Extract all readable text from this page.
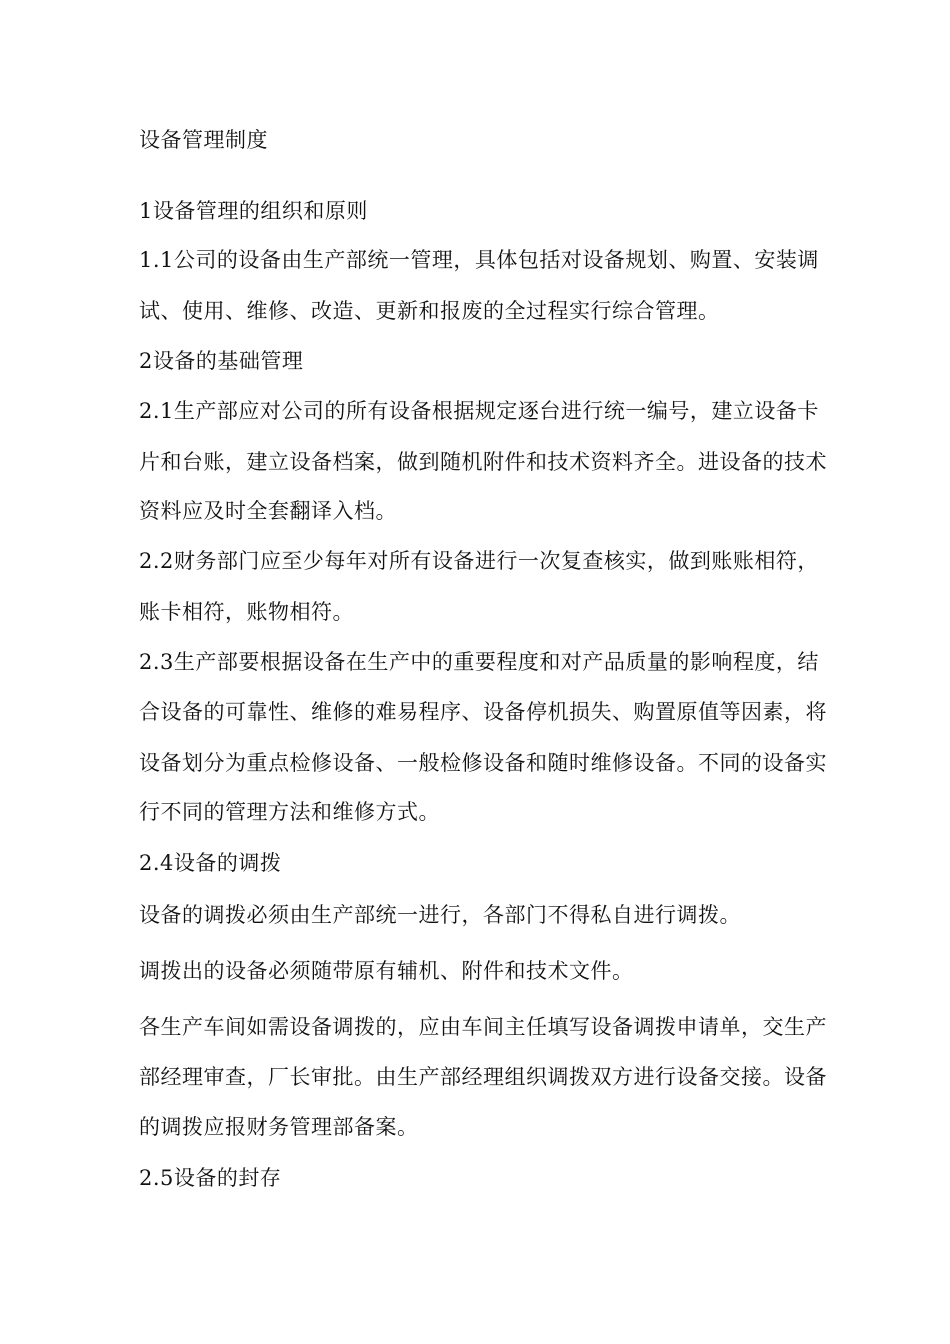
设备管理制度
1设备管理的组织和原则
1.1公司的设备由生产部统一管理，具体包括对设备规划、购置、安装调
试、使用、维修、改造、更新和报废的全过程实行综合管理。
2设备的基础管理
2.1生产部应对公司的所有设备根据规定逐台进行统一编号，建立设备卡
片和台账，建立设备档案，做到随机附件和技术资料齐全。进设备的技术
资料应及时全套翻译入档。
2.2财务部门应至少每年对所有设备进行一次复查核实，做到账账相符，
账卡相符，账物相符。
2.3生产部要根据设备在生产中的重要程度和对产品质量的影响程度，结
合设备的可靠性、维修的难易程序、设备停机损失、购置原值等因素，将
设备划分为重点检修设备、一般检修设备和随时维修设备。不同的设备实
行不同的管理方法和维修方式。
2.4设备的调拨
设备的调拨必须由生产部统一进行，各部门不得私自进行调拨。
调拨出的设备必须随带原有辅机、附件和技术文件。
各生产车间如需设备调拨的，应由车间主任填写设备调拨申请单，交生产
部经理审查，厂长审批。由生产部经理组织调拨双方进行设备交接。设备
的调拨应报财务管理部备案。
2.5设备的封存
